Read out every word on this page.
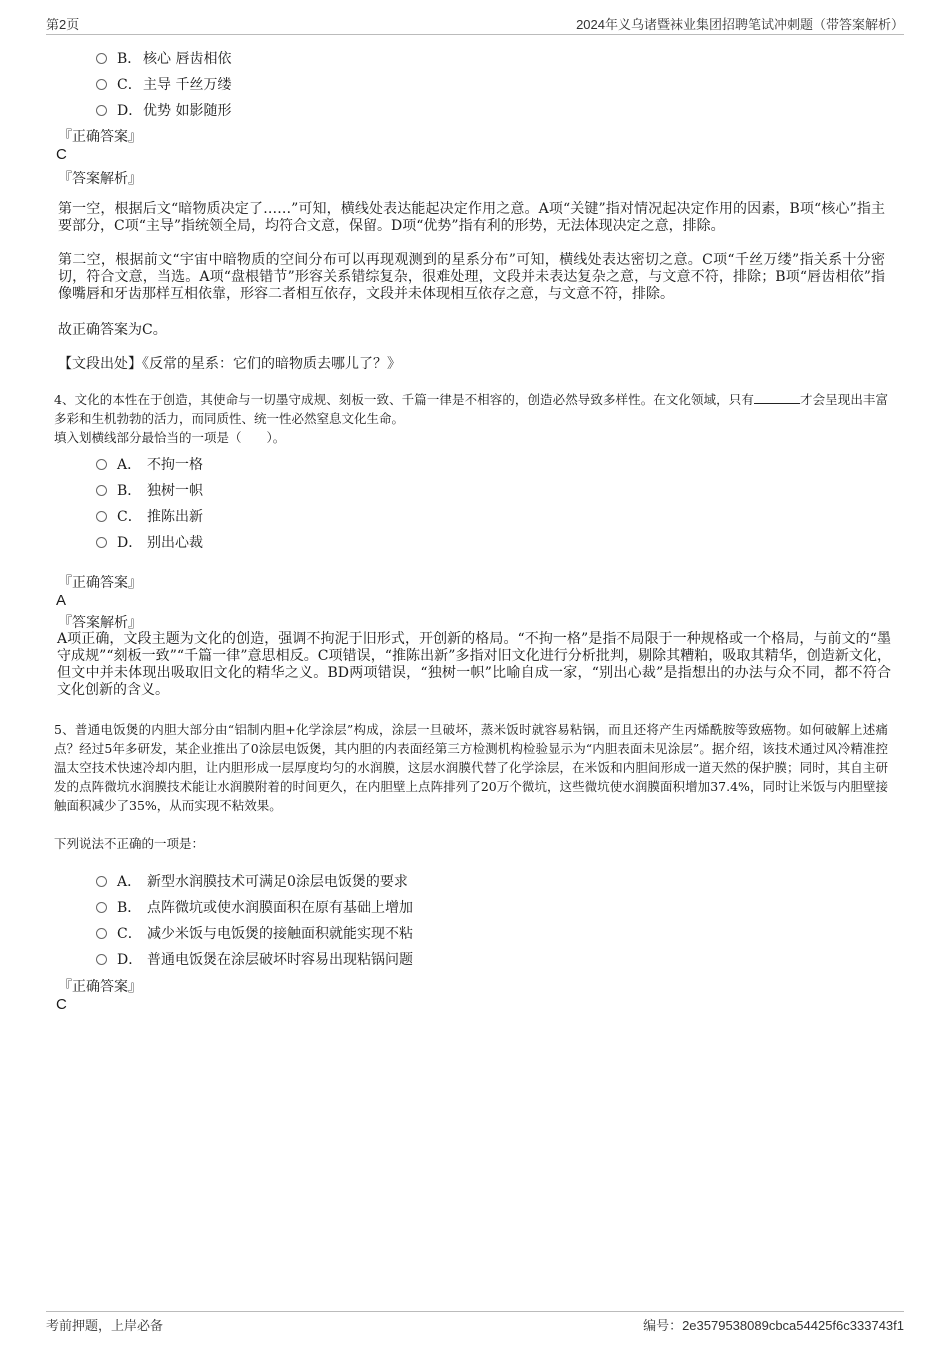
第2页	2024年义乌诸暨袜业集团招聘笔试冲刺题（带答案解析）
B． 核心 唇齿相依
C．主导 千丝万缕
D．优势 如影随形
『正确答案』
C
『答案解析』
第一空，根据后文“暗物质决定了……”可知，横线处表达能起决定作用之意。A项“关键”指对情况起决定作用的因素，B项“核心”指主要部分，C项“主导”指统领全局，均符合文意，保留。D项“优势”指有利的形势，无法体现决定之意，排除。
第二空，根据前文“宇宙中暗物质的空间分布可以再现观测到的星系分布”可知，横线处表达密切之意。C项“千丝万缕”指关系十分密切，符合文意，当选。A项“盘根错节”形容关系错综复杂，很难处理，文段并未表达复杂之意，与文意不符，排除；B项“唇齿相依”指像嘴唇和牙齿那样互相依靠，形容二者相互依存，文段并未体现相互依存之意，与文意不符，排除。
故正确答案为C。
【文段出处】《反常的星系：它们的暗物质去哪儿了？》
4、文化的本性在于创造，其使命与一切墨守成规、刻板一致、千篇一律是不相容的，创造必然导致多样性。在文化领域，只有	才会呈现出丰富多彩和生机勃勃的活力，而同质性、统一性必然窒息文化生命。
填入划横线部分最恰当的一项是（　　）。
A． 不拘一格
B． 独树一帜
C． 推陈出新
D． 别出心裁
『正确答案』
A
『答案解析』
A项正确，文段主题为文化的创造，强调不拘泥于旧形式，开创新的格局。“不拘一格”是指不局限于一种规格或一个格局，与前文的“墨守成规”“刻板一致”“千篇一律”意思相反。C项错误，“推陈出新”多指对旧文化进行分析批判，剔除其糟粕，吸取其精华，创造新文化，但文中并未体现出吸取旧文化的精华之义。BD两项错误，“独树一帜”比喻自成一家，“别出心裁”是指想出的办法与众不同，都不符合文化创新的含义。
5、普通电饭煲的内胆大部分由“铝制内胆+化学涂层”构成，涂层一旦破坏，蒸米饭时就容易粘锅，而且还将产生丙烯酰胺等致癌物。如何破解上述痛点？经过5年多研发，某企业推出了0涂层电饭煲，其内胆的内表面经第三方检测机构检验显示为“内胆表面未见涂层”。据介绍，该技术通过风冷精准控温太空技术快速冷却内胆，让内胆形成一层厚度均匀的水润膜，这层水润膜代替了化学涂层，在米饭和内胆间形成一道天然的保护膜；同时，其自主研发的点阵微坑水润膜技术能让水润膜附着的时间更久，在内胆壁上点阵排列了20万个微坑，这些微坑使水润膜面积增加37.4%，同时让米饭与内胆壁接触面积减少了35%，从而实现不粘效果。
下列说法不正确的一项是：
A． 新型水润膜技术可满足0涂层电饭煲的要求
B． 点阵微坑或使水润膜面积在原有基础上增加
C． 减少米饭与电饭煲的接触面积就能实现不粘
D． 普通电饭煲在涂层破坏时容易出现粘锅问题
『正确答案』
C
考前押题，上岸必备	编号：2e3579538089cbca54425f6c333743f1
